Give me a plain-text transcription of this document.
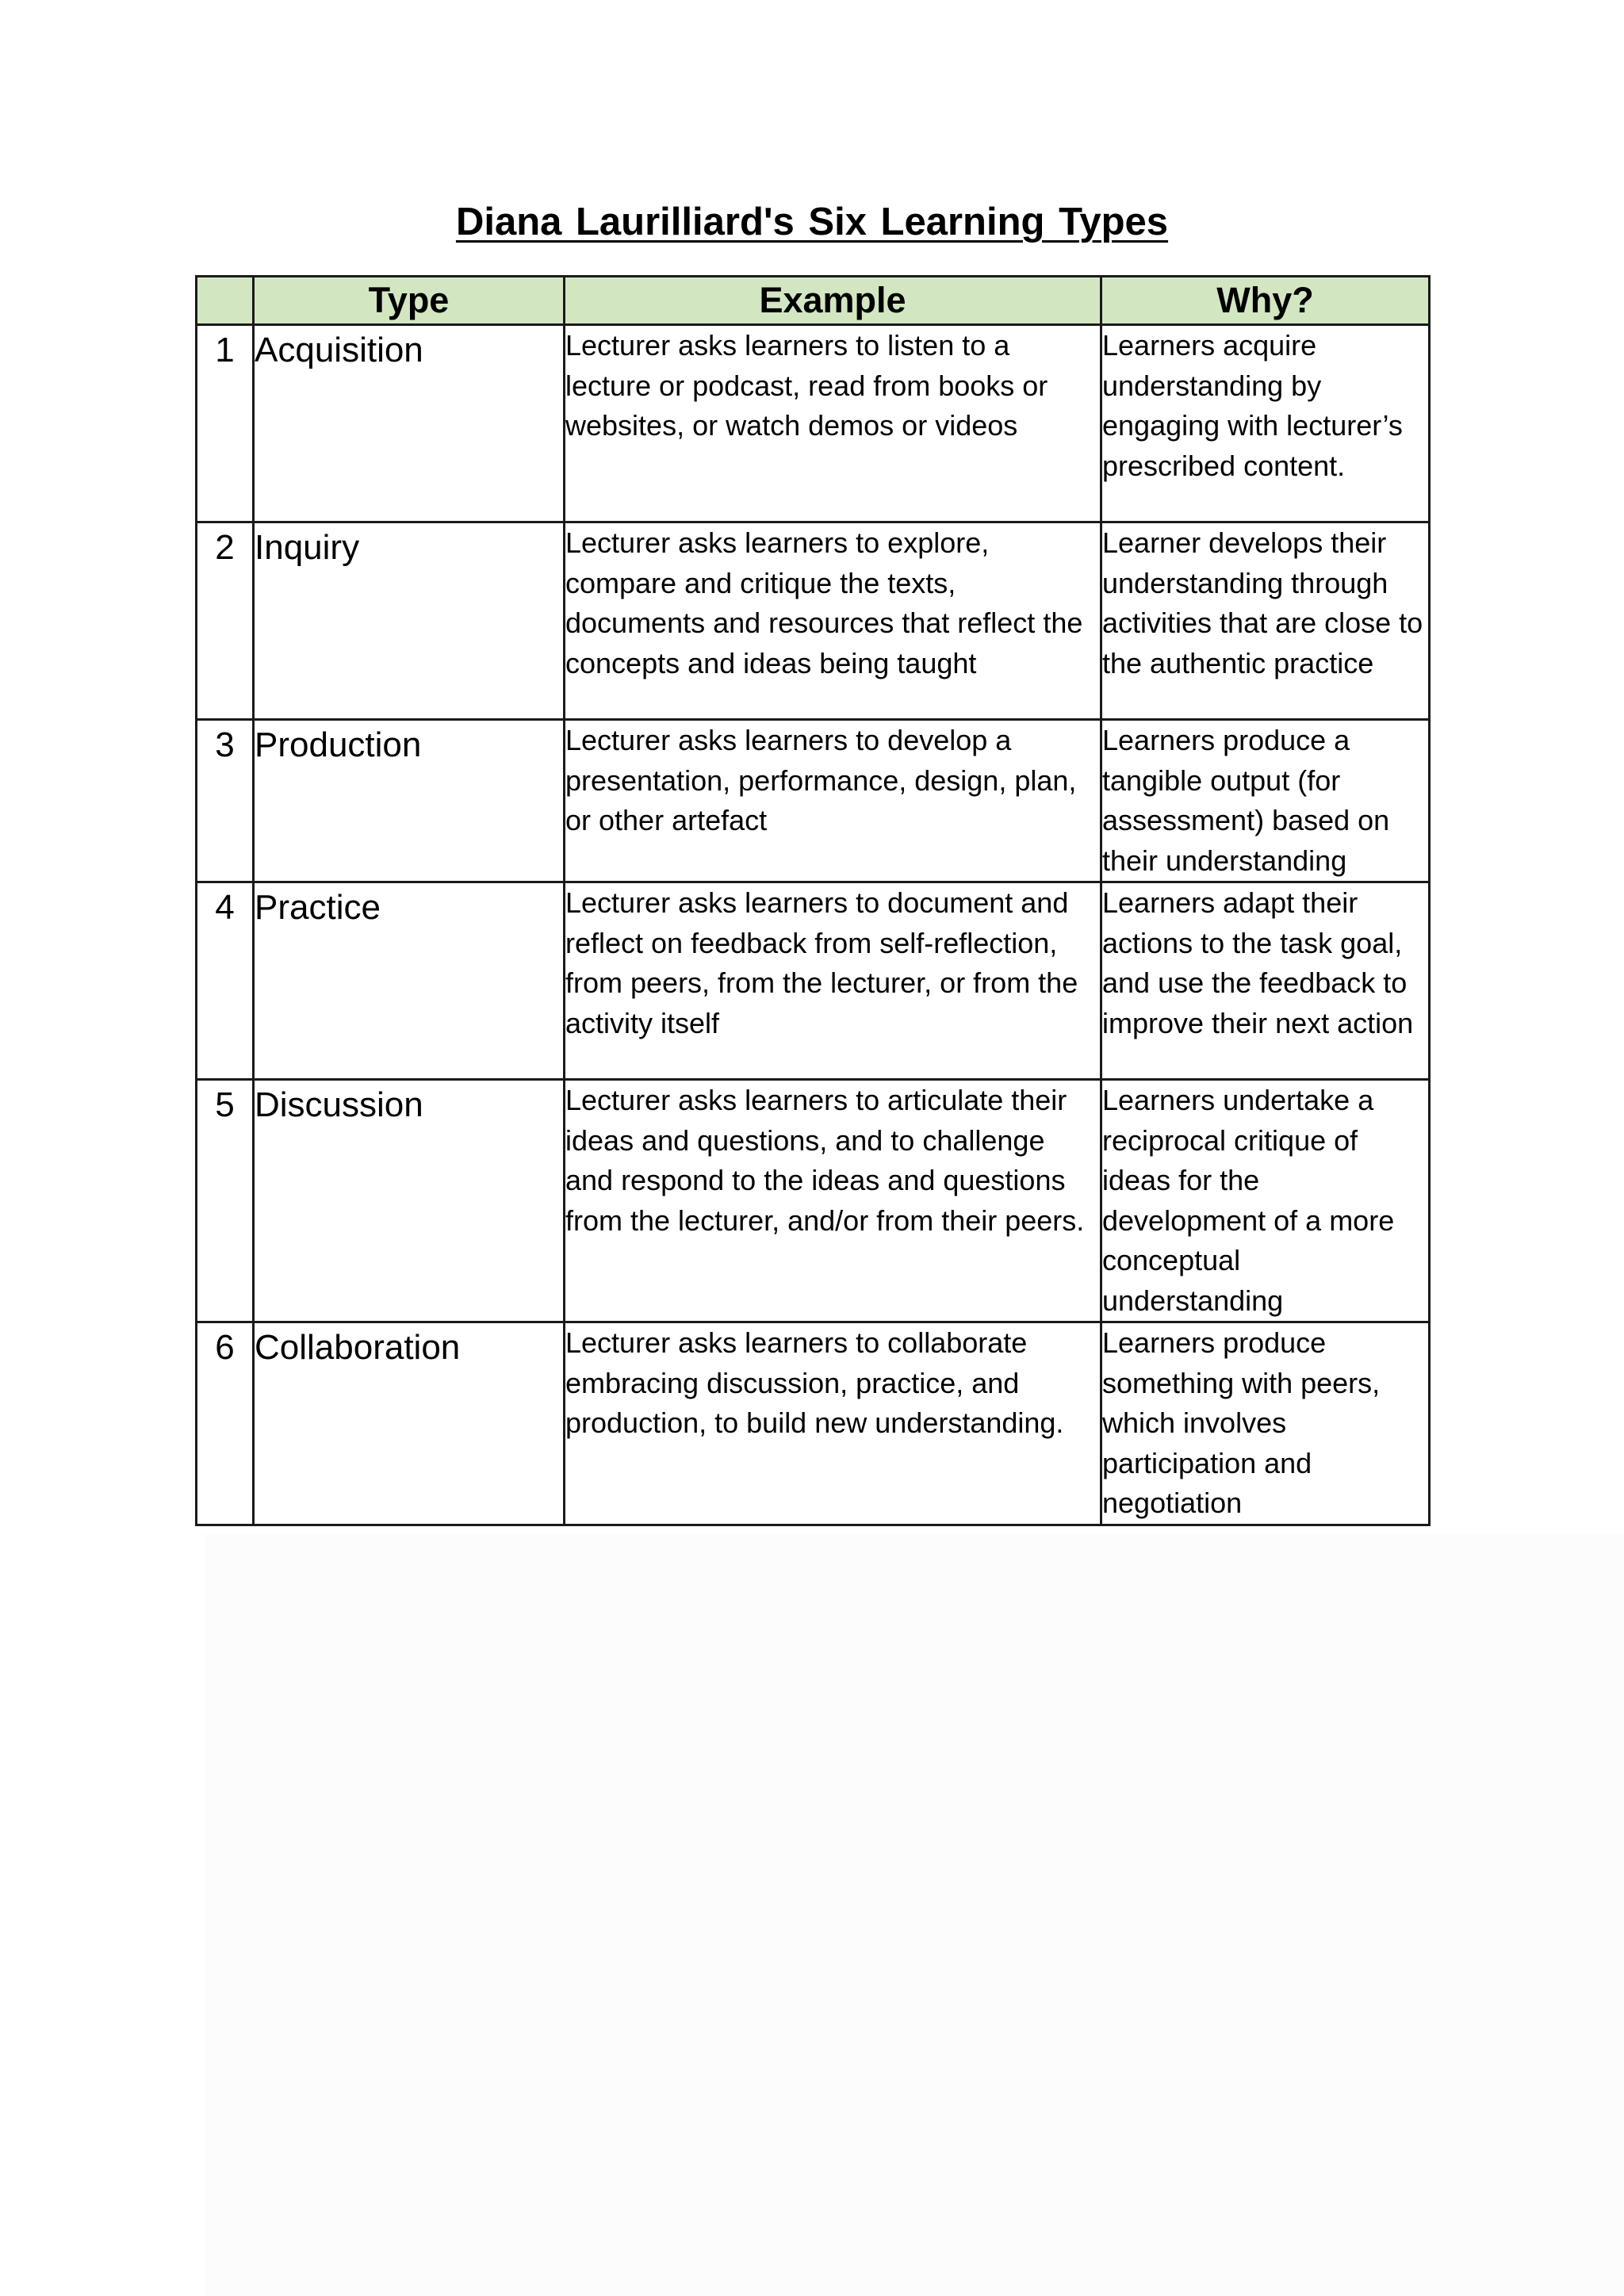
Diana Laurilliard's Six Learning Types
	Type	Example	Why?
1	Acquisition	Lecturer asks learners to listen to a lecture or podcast, read from books or websites, or watch demos or videos	Learners acquire understanding by engaging with lecturer’s prescribed content.
2	Inquiry	Lecturer asks learners to explore, compare and critique the texts, documents and resources that reflect the concepts and ideas being taught	Learner develops their understanding through activities that are close to the authentic practice
3	Production	Lecturer asks learners to develop a presentation, performance, design, plan, or other artefact	Learners produce a tangible output (for assessment) based on their understanding
4	Practice	Lecturer asks learners to document and reflect on feedback from self-reflection, from peers, from the lecturer, or from the activity itself	Learners adapt their actions to the task goal, and use the feedback to improve their next action
5	Discussion	Lecturer asks learners to articulate their ideas and questions, and to challenge and respond to the ideas and questions from the lecturer, and/or from their peers.	Learners undertake a reciprocal critique of ideas for the development of a more conceptual understanding
6	Collaboration	Lecturer asks learners to collaborate embracing discussion, practice, and production, to build new understanding.	Learners produce something with peers, which involves participation and negotiation
